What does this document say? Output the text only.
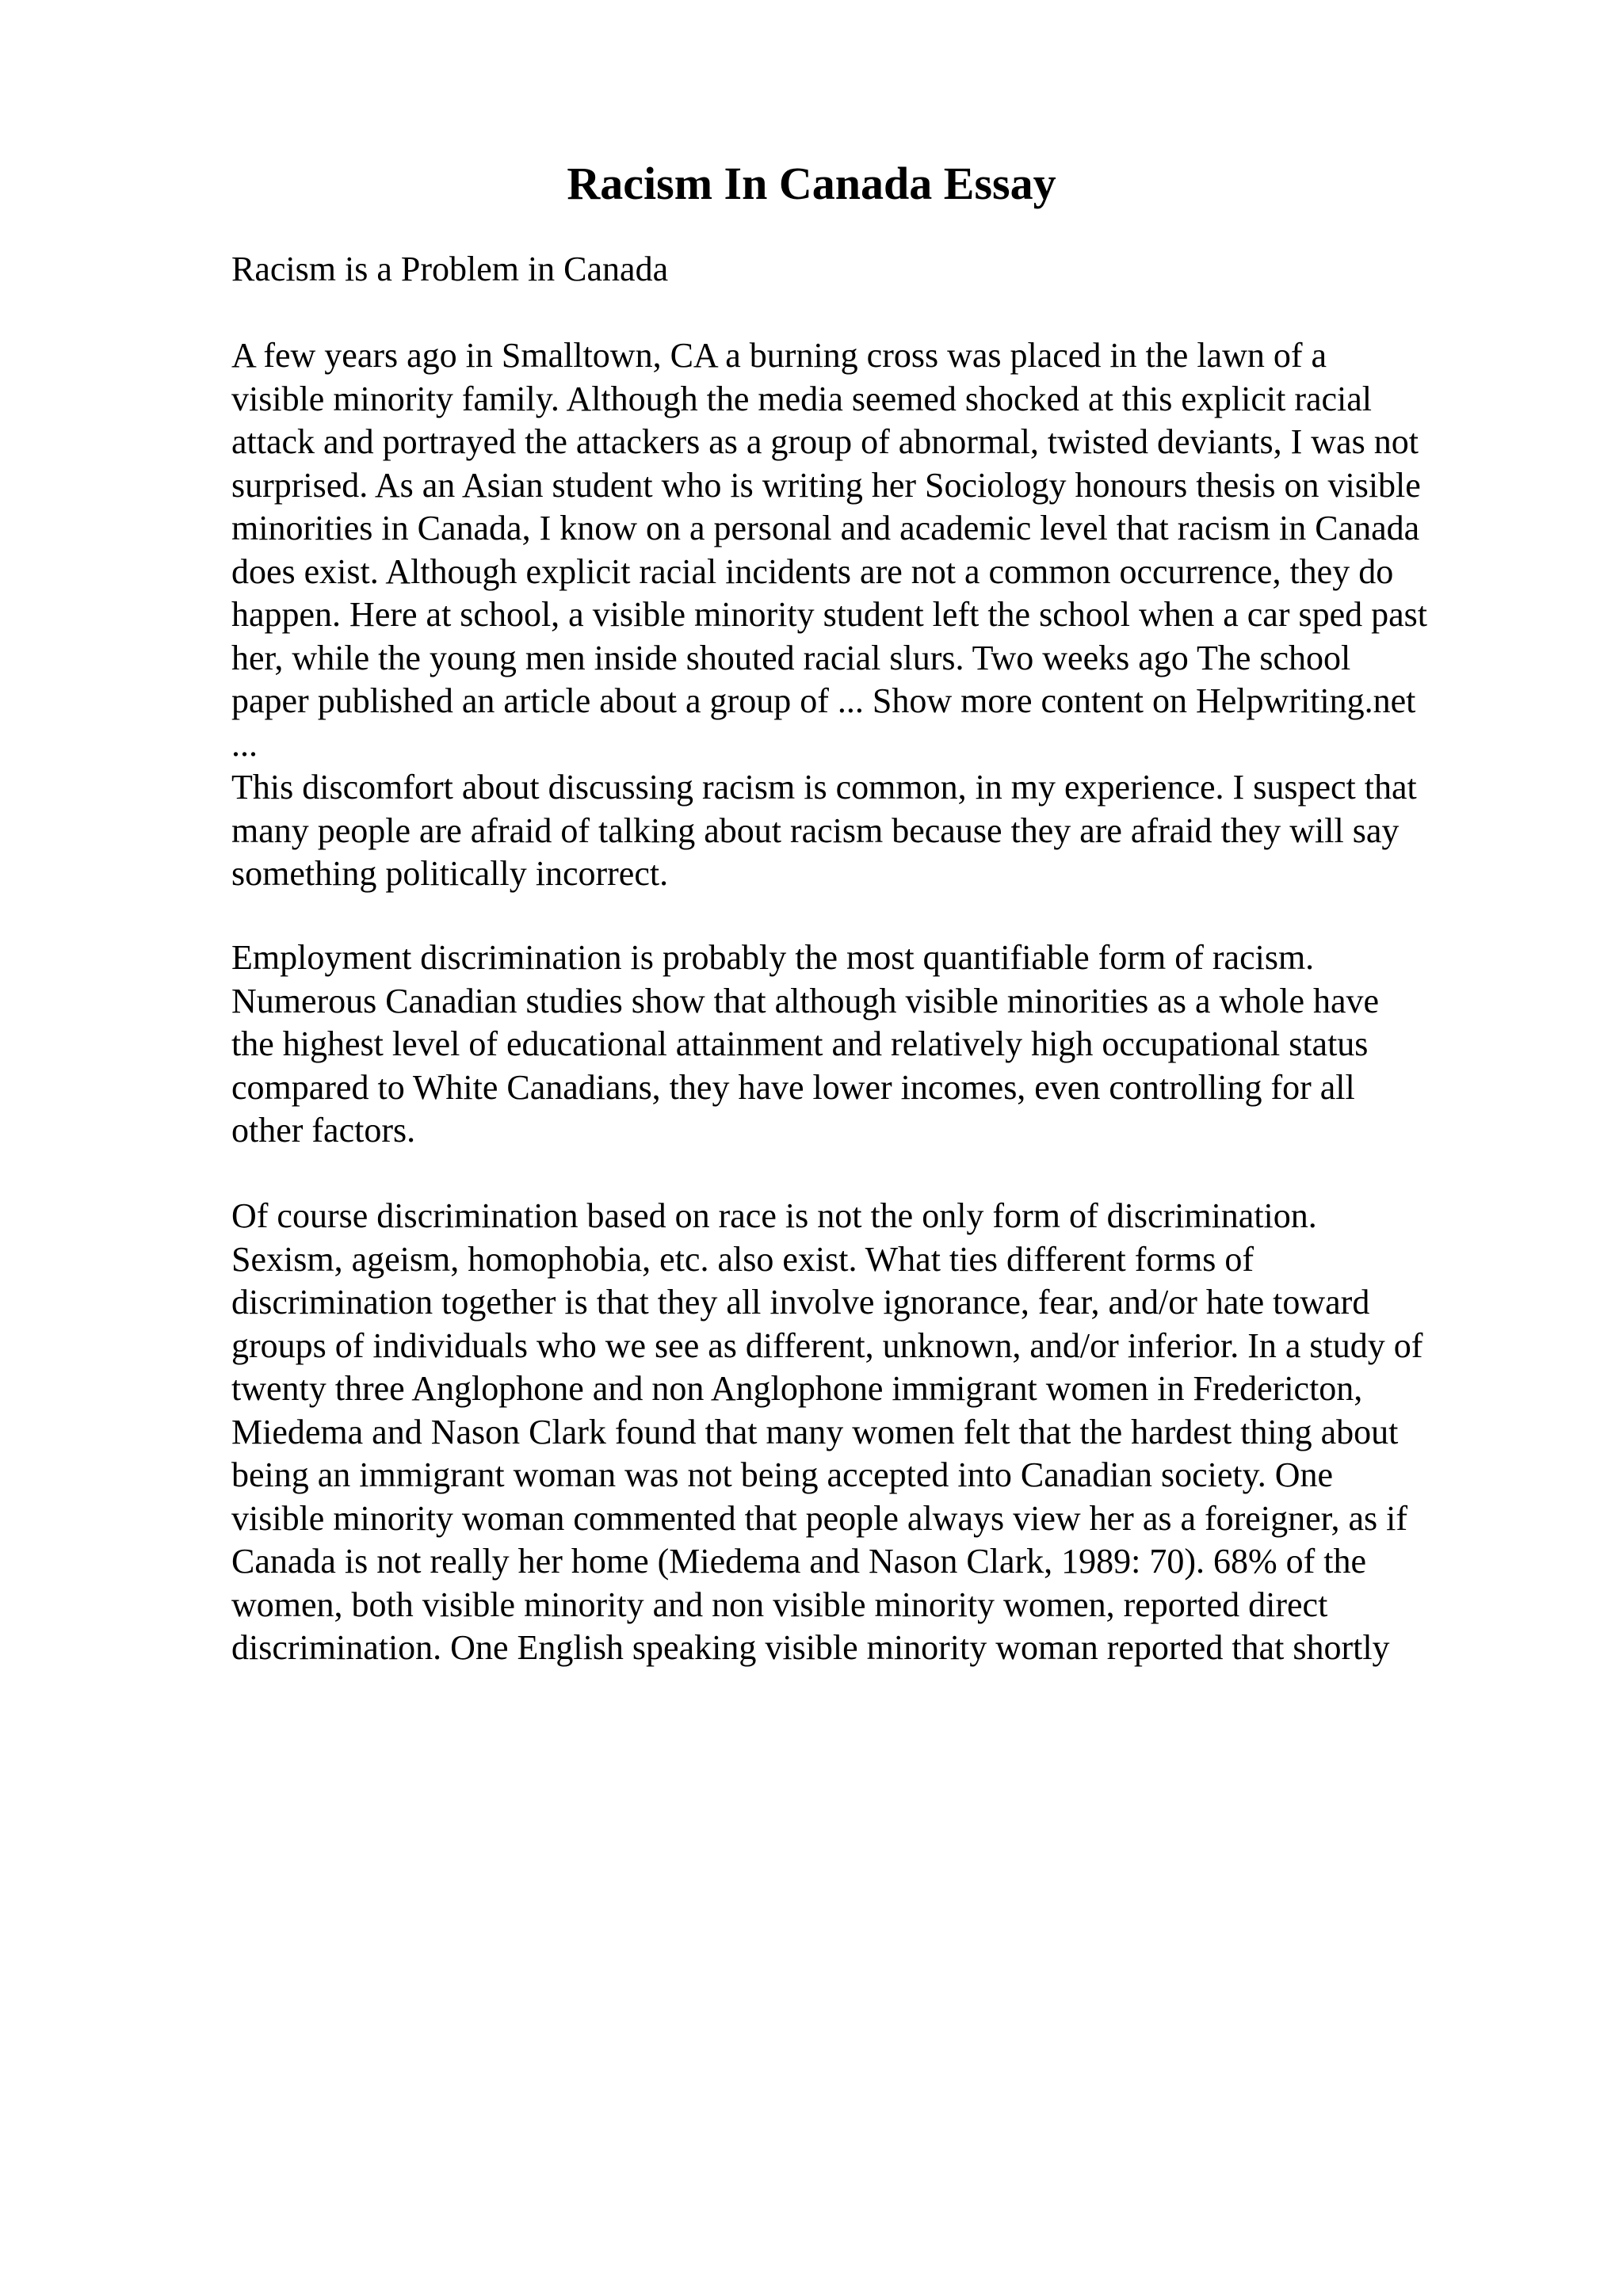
Racism In Canada Essay

Racism is a Problem in Canada

A few years ago in Smalltown, CA a burning cross was placed in the lawn of a
visible minority family. Although the media seemed shocked at this explicit racial
attack and portrayed the attackers as a group of abnormal, twisted deviants, I was not
surprised. As an Asian student who is writing her Sociology honours thesis on visible
minorities in Canada, I know on a personal and academic level that racism in Canada
does exist. Although explicit racial incidents are not a common occurrence, they do
happen. Here at school, a visible minority student left the school when a car sped past
her, while the young men inside shouted racial slurs. Two weeks ago The school
paper published an article about a group of ... Show more content on Helpwriting.net
...
This discomfort about discussing racism is common, in my experience. I suspect that
many people are afraid of talking about racism because they are afraid they will say
something politically incorrect.

Employment discrimination is probably the most quantifiable form of racism.
Numerous Canadian studies show that although visible minorities as a whole have
the highest level of educational attainment and relatively high occupational status
compared to White Canadians, they have lower incomes, even controlling for all
other factors.

Of course discrimination based on race is not the only form of discrimination.
Sexism, ageism, homophobia, etc. also exist. What ties different forms of
discrimination together is that they all involve ignorance, fear, and/or hate toward
groups of individuals who we see as different, unknown, and/or inferior. In a study of
twenty three Anglophone and non Anglophone immigrant women in Fredericton,
Miedema and Nason Clark found that many women felt that the hardest thing about
being an immigrant woman was not being accepted into Canadian society. One
visible minority woman commented that people always view her as a foreigner, as if
Canada is not really her home (Miedema and Nason Clark, 1989: 70). 68% of the
women, both visible minority and non visible minority women, reported direct
discrimination. One English speaking visible minority woman reported that shortly
